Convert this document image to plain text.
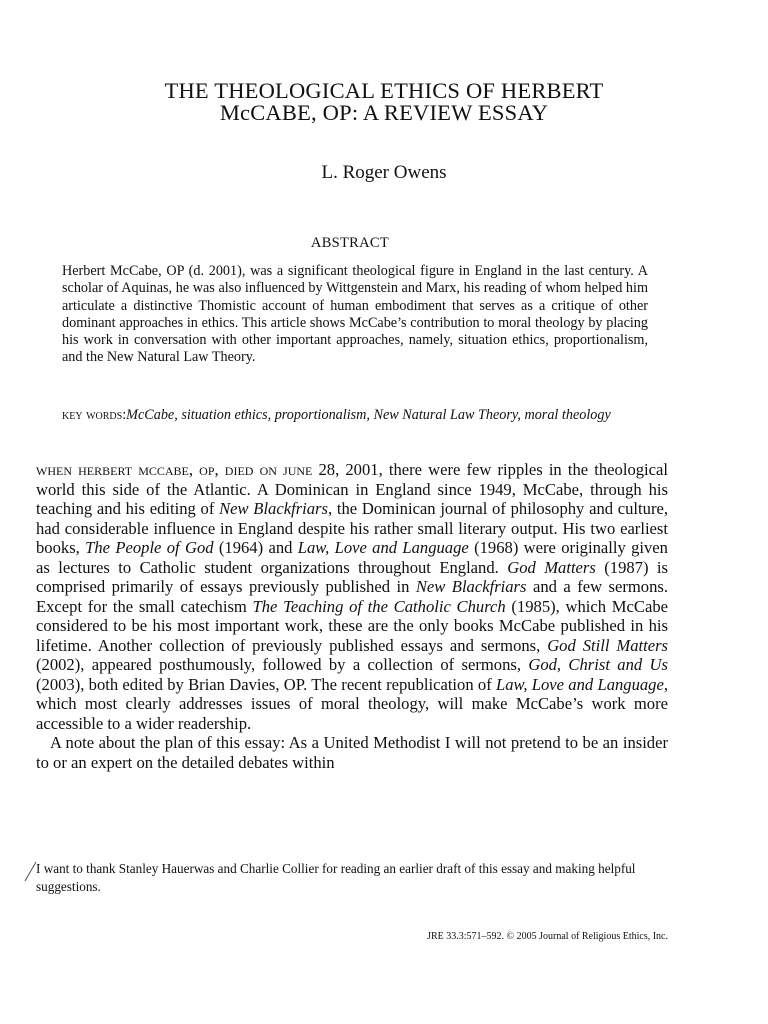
THE THEOLOGICAL ETHICS OF HERBERT
McCABE, OP: A REVIEW ESSAY
L. Roger Owens
ABSTRACT

Herbert McCabe, OP (d. 2001), was a significant theological figure in England in the last century. A scholar of Aquinas, he was also influenced by Wittgenstein and Marx, his reading of whom helped him articulate a distinctive Thomistic account of human embodiment that serves as a critique of other dominant approaches in ethics. This article shows McCabe’s contribution to moral theology by placing his work in conversation with other important approaches, namely, situation ethics, proportionalism, and the New Natural Law Theory.

key words:McCabe, situation ethics, proportionalism, New Natural Law Theory, moral theology

when herbert mccabe, op, died on june 28, 2001, there were few ripples in the theological world this side of the Atlantic. A Dominican in England since 1949, McCabe, through his teaching and his editing of New Blackfriars, the Dominican journal of philosophy and culture, had considerable influence in England despite his rather small literary output. His two earliest books, The People of God (1964) and Law, Love and Language (1968) were originally given as lectures to Catholic student organizations throughout England. God Matters (1987) is comprised primarily of essays previously published in New Blackfriars and a few sermons. Except for the small catechism The Teaching of the Catholic Church (1985), which McCabe considered to be his most important work, these are the only books McCabe published in his lifetime. Another collection of previously published essays and sermons, God Still Matters (2002), appeared posthumously, followed by a collection of sermons, God, Christ and Us (2003), both edited by Brian Davies, OP. The recent republication of Law, Love and Language, which most clearly addresses issues of moral theology, will make McCabe’s work more accessible to a wider readership.

A note about the plan of this essay: As a United Methodist I will not pretend to be an insider to or an expert on the detailed debates within

I want to thank Stanley Hauerwas and Charlie Collier for reading an earlier draft of this essay and making helpful suggestions.

JRE 33.3:571–592. © 2005 Journal of Religious Ethics, Inc.
